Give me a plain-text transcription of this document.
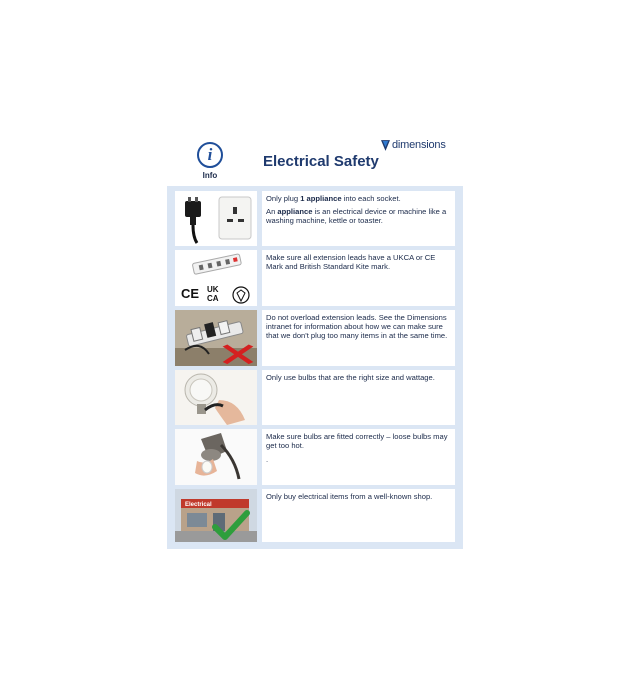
i
Info
Electrical Safety
dimensions

Only plug 1 appliance into each socket.

An appliance is an electrical device or machine like a washing machine, kettle or toaster.

CE UK
CA

Make sure all extension leads have a UKCA or CE Mark and British Standard Kite mark.

Do not overload extension leads. See the Dimensions intranet for information about how we can make sure that we don't plug too many items in at the same time.

Only use bulbs that are the right size and wattage.

Make sure bulbs are fitted correctly – loose bulbs may get too hot.

.

Electrical

Only buy electrical items from a well-known shop.
